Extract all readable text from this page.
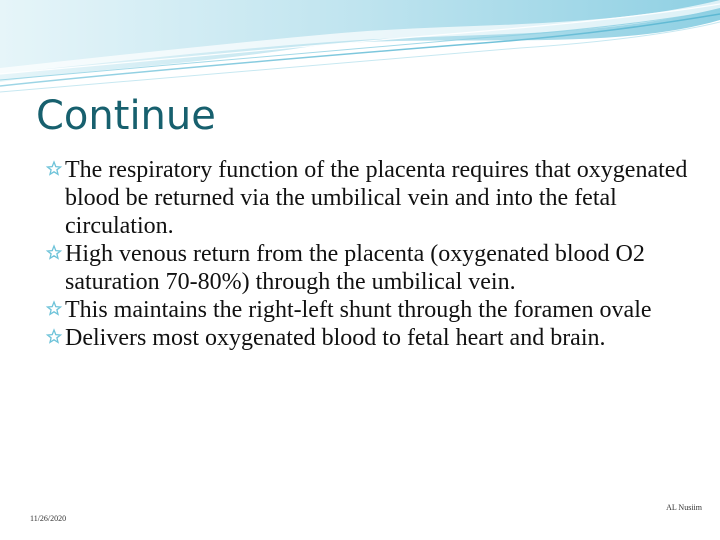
Continue
The respiratory function of the placenta requires that oxygenated blood be returned via the umbilical vein and into the fetal circulation.
High venous return from the placenta (oxygenated blood O2 saturation 70-80%) through the umbilical vein.
This maintains the right-left shunt through the foramen ovale
Delivers most oxygenated blood to fetal heart and brain.
AL Nusiim
11/26/2020
